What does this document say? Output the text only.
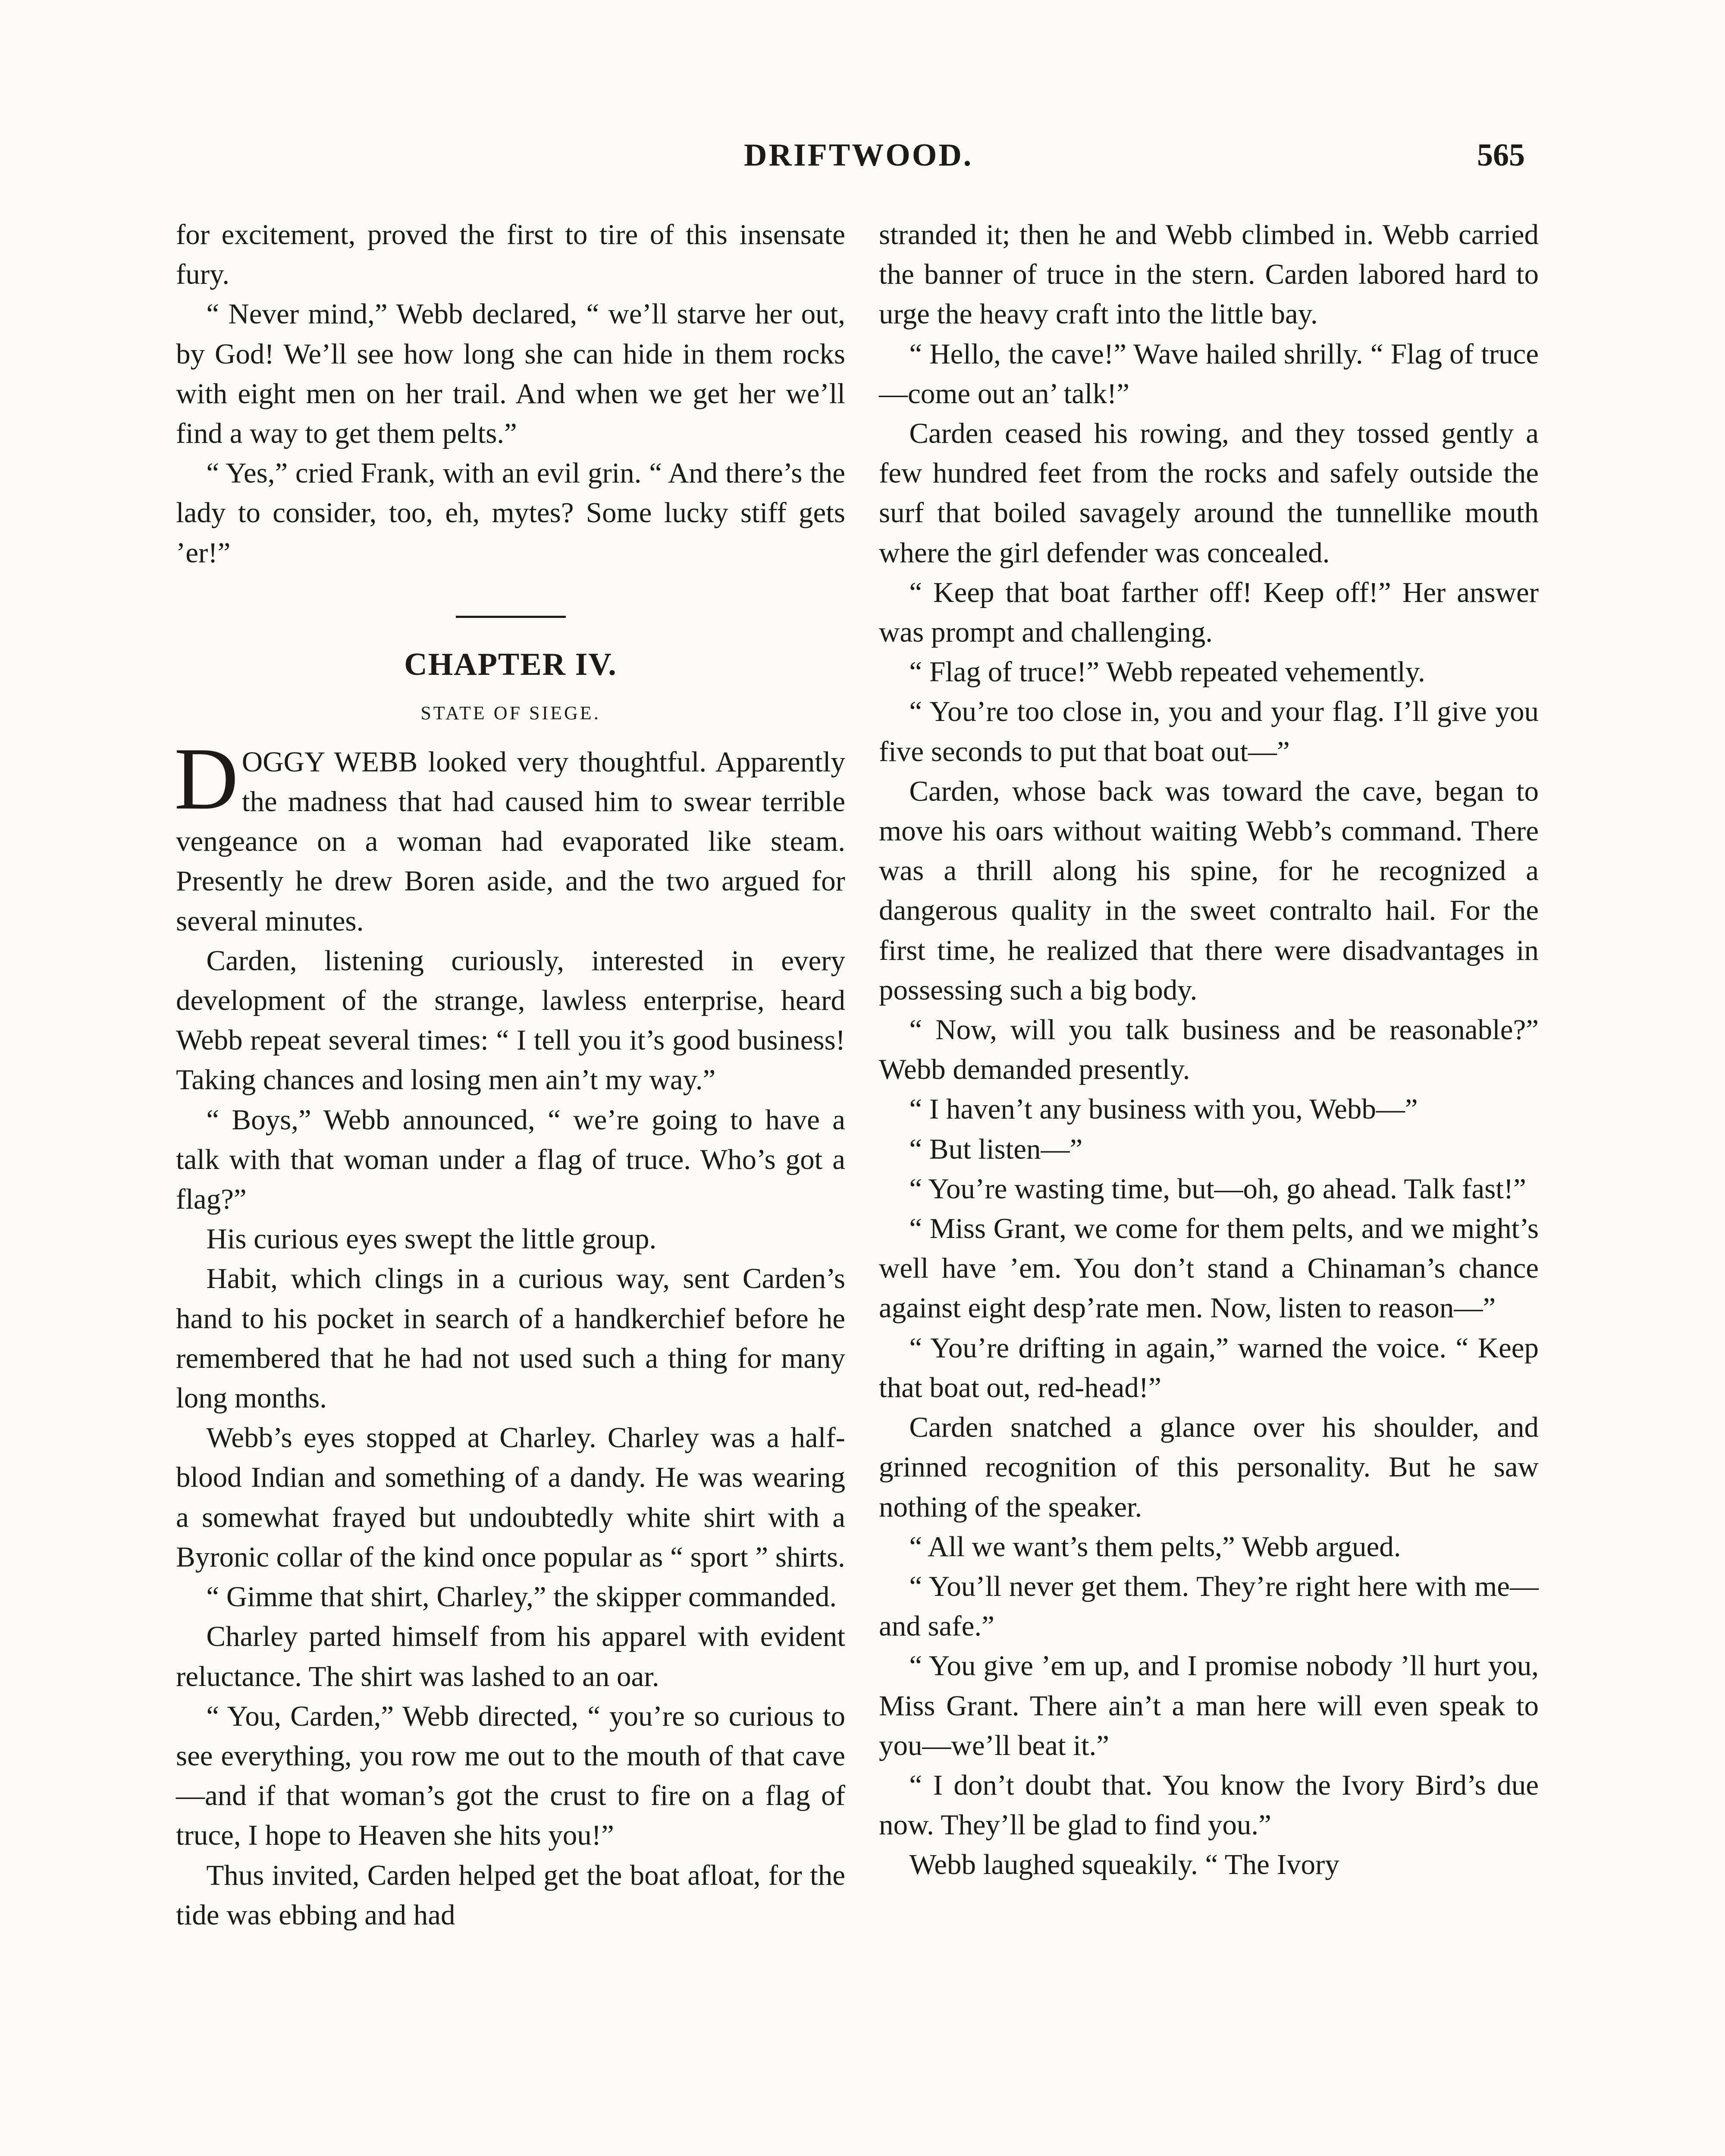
DRIFTWOOD.	565

for excitement, proved the first to tire of this insensate fury.

“ Never mind,” Webb declared, “ we’ll starve her out, by God! We’ll see how long she can hide in them rocks with eight men on her trail. And when we get her we’ll find a way to get them pelts.”

“ Yes,” cried Frank, with an evil grin. “ And there’s the lady to consider, too, eh, mytes? Some lucky stiff gets ’er!”

CHAPTER IV.
STATE OF SIEGE.

DOGGY WEBB looked very thoughtful. Apparently the madness that had caused him to swear terrible vengeance on a woman had evaporated like steam. Presently he drew Boren aside, and the two argued for several minutes.

Carden, listening curiously, interested in every development of the strange, lawless enterprise, heard Webb repeat several times: “ I tell you it’s good business! Taking chances and losing men ain’t my way.”

“ Boys,” Webb announced, “ we’re going to have a talk with that woman under a flag of truce. Who’s got a flag?”

His curious eyes swept the little group.

Habit, which clings in a curious way, sent Carden’s hand to his pocket in search of a handkerchief before he remembered that he had not used such a thing for many long months.

Webb’s eyes stopped at Charley. Charley was a half-blood Indian and something of a dandy. He was wearing a somewhat frayed but undoubtedly white shirt with a Byronic collar of the kind once popular as “ sport ” shirts.

“ Gimme that shirt, Charley,” the skipper commanded.

Charley parted himself from his apparel with evident reluctance. The shirt was lashed to an oar.

“ You, Carden,” Webb directed, “ you’re so curious to see everything, you row me out to the mouth of that cave—and if that woman’s got the crust to fire on a flag of truce, I hope to Heaven she hits you!”

Thus invited, Carden helped get the boat afloat, for the tide was ebbing and had

stranded it; then he and Webb climbed in. Webb carried the banner of truce in the stern. Carden labored hard to urge the heavy craft into the little bay.

“ Hello, the cave!” Wave hailed shrilly. “ Flag of truce—come out an’ talk!”

Carden ceased his rowing, and they tossed gently a few hundred feet from the rocks and safely outside the surf that boiled savagely around the tunnellike mouth where the girl defender was concealed.

“ Keep that boat farther off! Keep off!” Her answer was prompt and challenging.

“ Flag of truce!” Webb repeated vehemently.

“ You’re too close in, you and your flag. I’ll give you five seconds to put that boat out—”

Carden, whose back was toward the cave, began to move his oars without waiting Webb’s command. There was a thrill along his spine, for he recognized a dangerous quality in the sweet contralto hail. For the first time, he realized that there were disadvantages in possessing such a big body.

“ Now, will you talk business and be reasonable?” Webb demanded presently.

“ I haven’t any business with you, Webb—”

“ But listen—”

“ You’re wasting time, but—oh, go ahead. Talk fast!”

“ Miss Grant, we come for them pelts, and we might’s well have ’em. You don’t stand a Chinaman’s chance against eight desp’rate men. Now, listen to reason—”

“ You’re drifting in again,” warned the voice. “ Keep that boat out, red-head!”

Carden snatched a glance over his shoulder, and grinned recognition of this personality. But he saw nothing of the speaker.

“ All we want’s them pelts,” Webb argued.

“ You’ll never get them. They’re right here with me—and safe.”

“ You give ’em up, and I promise nobody ’ll hurt you, Miss Grant. There ain’t a man here will even speak to you—we’ll beat it.”

“ I don’t doubt that. You know the Ivory Bird’s due now. They’ll be glad to find you.”

Webb laughed squeakily. “ The Ivory
